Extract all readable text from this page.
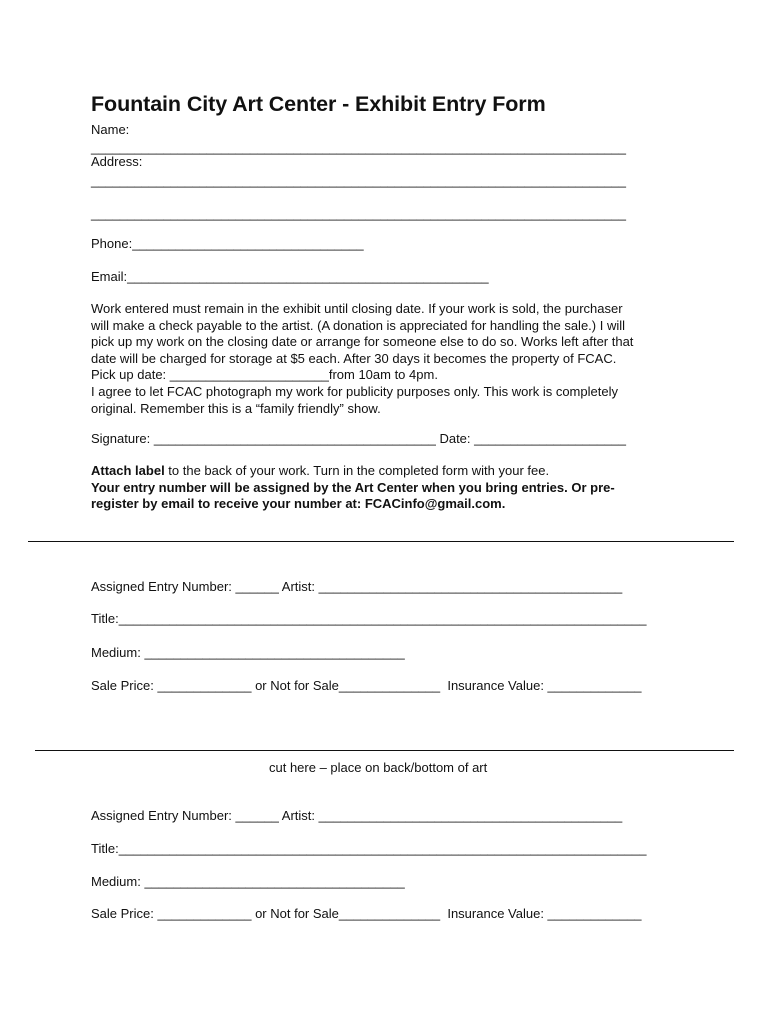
Fountain City Art Center - Exhibit Entry Form
Name:
__________________________________________________________________________
Address:
__________________________________________________________________________
__________________________________________________________________________
Phone:________________________________
Email:__________________________________________________
Work entered must remain in the exhibit until closing date. If your work is sold, the purchaser
will make a check payable to the artist. (A donation is appreciated for handling the sale.) I will
pick up my work on the closing date or arrange for someone else to do so. Works left after that
date will be charged for storage at $5 each. After 30 days it becomes the property of FCAC.
Pick up date: ______________________from 10am to 4pm.
I agree to let FCAC photograph my work for publicity purposes only. This work is completely
original. Remember this is a “family friendly” show.
Signature: _______________________________________ Date: _____________________
Attach label to the back of your work. Turn in the completed form with your fee.
Your entry number will be assigned by the Art Center when you bring entries. Or pre-
register by email to receive your number at: FCACinfo@gmail.com.
Assigned Entry Number: ______ Artist: __________________________________________
Title:_________________________________________________________________________
Medium: ____________________________________
Sale Price: _____________ or Not for Sale______________  Insurance Value: _____________
cut here – place on back/bottom of art
Assigned Entry Number: ______ Artist: __________________________________________
Title:_________________________________________________________________________
Medium: ____________________________________
Sale Price: _____________ or Not for Sale______________  Insurance Value: _____________
